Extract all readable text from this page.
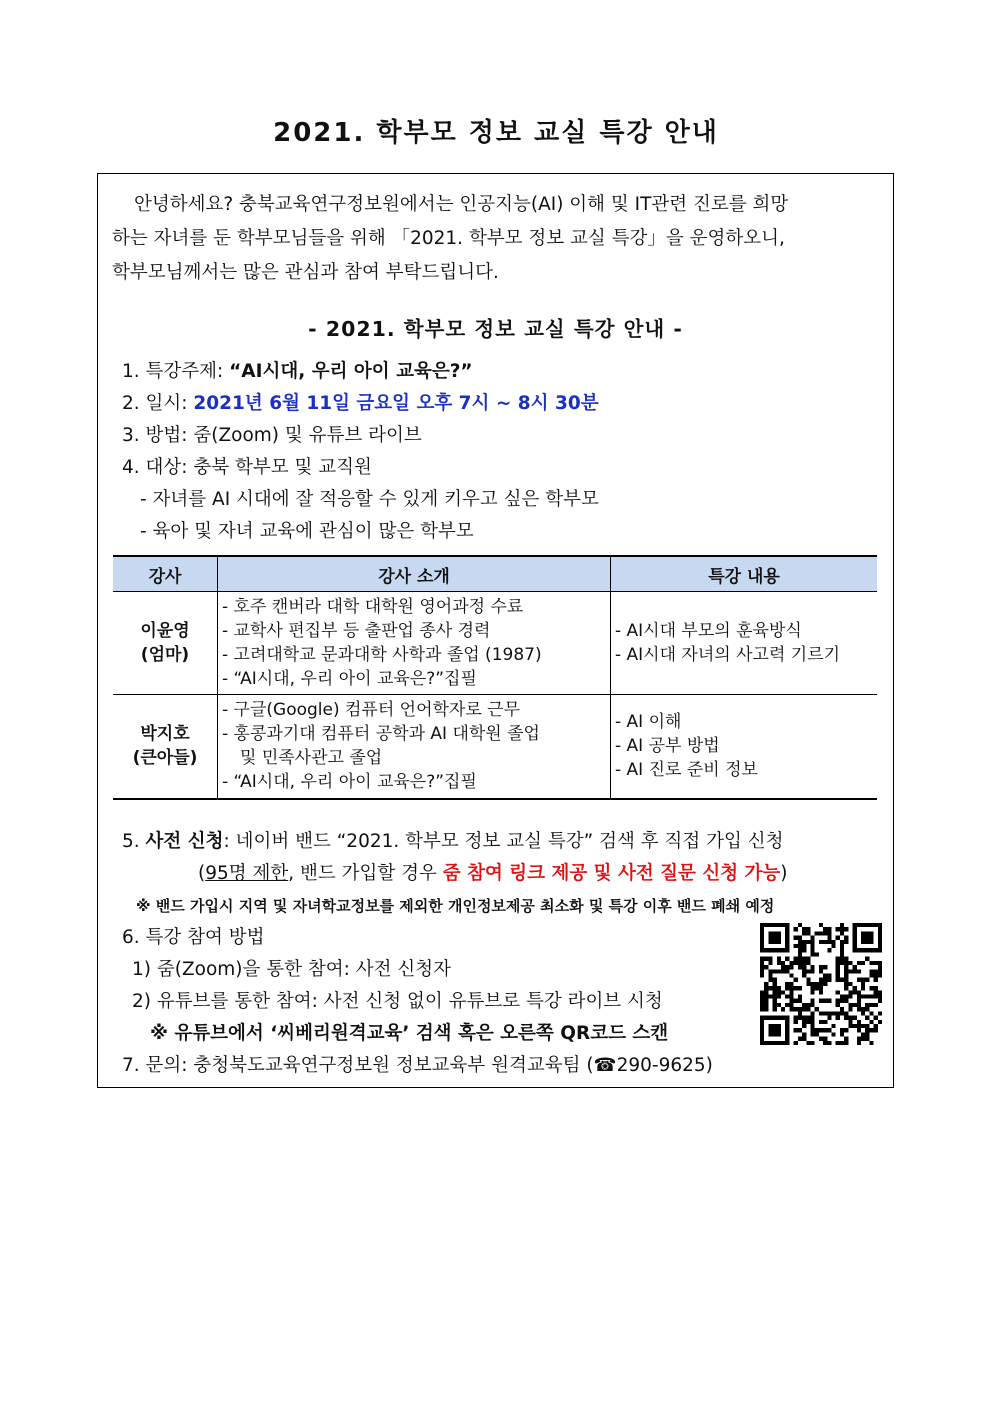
2021. 학부모 정보 교실 특강 안내

안녕하세요? 충북교육연구정보원에서는 인공지능(AI) 이해 및 IT관련 진로를 희망
하는 자녀를 둔 학부모님들을 위해 「2021. 학부모 정보 교실 특강」을 운영하오니,
학부모님께서는 많은 관심과 참여 부탁드립니다.

- 2021. 학부모 정보 교실 특강 안내 -
1. 특강주제: “AI시대, 우리 아이 교육은?”
2. 일시: 2021년 6월 11일 금요일 오후 7시 ~ 8시 30분
3. 방법: 줌(Zoom) 및 유튜브 라이브
4. 대상: 충북 학부모 및 교직원
- 자녀를 AI 시대에 잘 적응할 수 있게 키우고 싶은 학부모
- 육아 및 자녀 교육에 관심이 많은 학부모
강사	강사 소개	특강 내용

이윤영
(엄마)	- 호주 캔버라 대학 대학원 영어과정 수료
- 교학사 편집부 등 출판업 종사 경력
- 고려대학교 문과대학 사학과 졸업 (1987)
- “AI시대, 우리 아이 교육은?”집필	- AI시대 부모의 훈육방식
- AI시대 자녀의 사고력 기르기

박지호
(큰아들)	- 구글(Google) 컴퓨터 언어학자로 근무
- 홍콩과기대 컴퓨터 공학과 AI 대학원 졸업
및 민족사관고 졸업
- “AI시대, 우리 아이 교육은?”집필	- AI 이해
- AI 공부 방법
- AI 진로 준비 정보
5. 사전 신청: 네이버 밴드 “2021. 학부모 정보 교실 특강” 검색 후 직접 가입 신청
(95명 제한, 밴드 가입할 경우 줌 참여 링크 제공 및 사전 질문 신청 가능)
※ 밴드 가입시 지역 및 자녀학교정보를 제외한 개인정보제공 최소화 및 특강 이후 밴드 폐쇄 예정
6. 특강 참여 방법
1) 줌(Zoom)을 통한 참여: 사전 신청자
2) 유튜브를 통한 참여: 사전 신청 없이 유튜브로 특강 라이브 시청
※ 유튜브에서 ‘씨베리원격교육’ 검색 혹은 오른쪽 QR코드 스캔
7. 문의: 충청북도교육연구정보원 정보교육부 원격교육팀 (☎290-9625)
